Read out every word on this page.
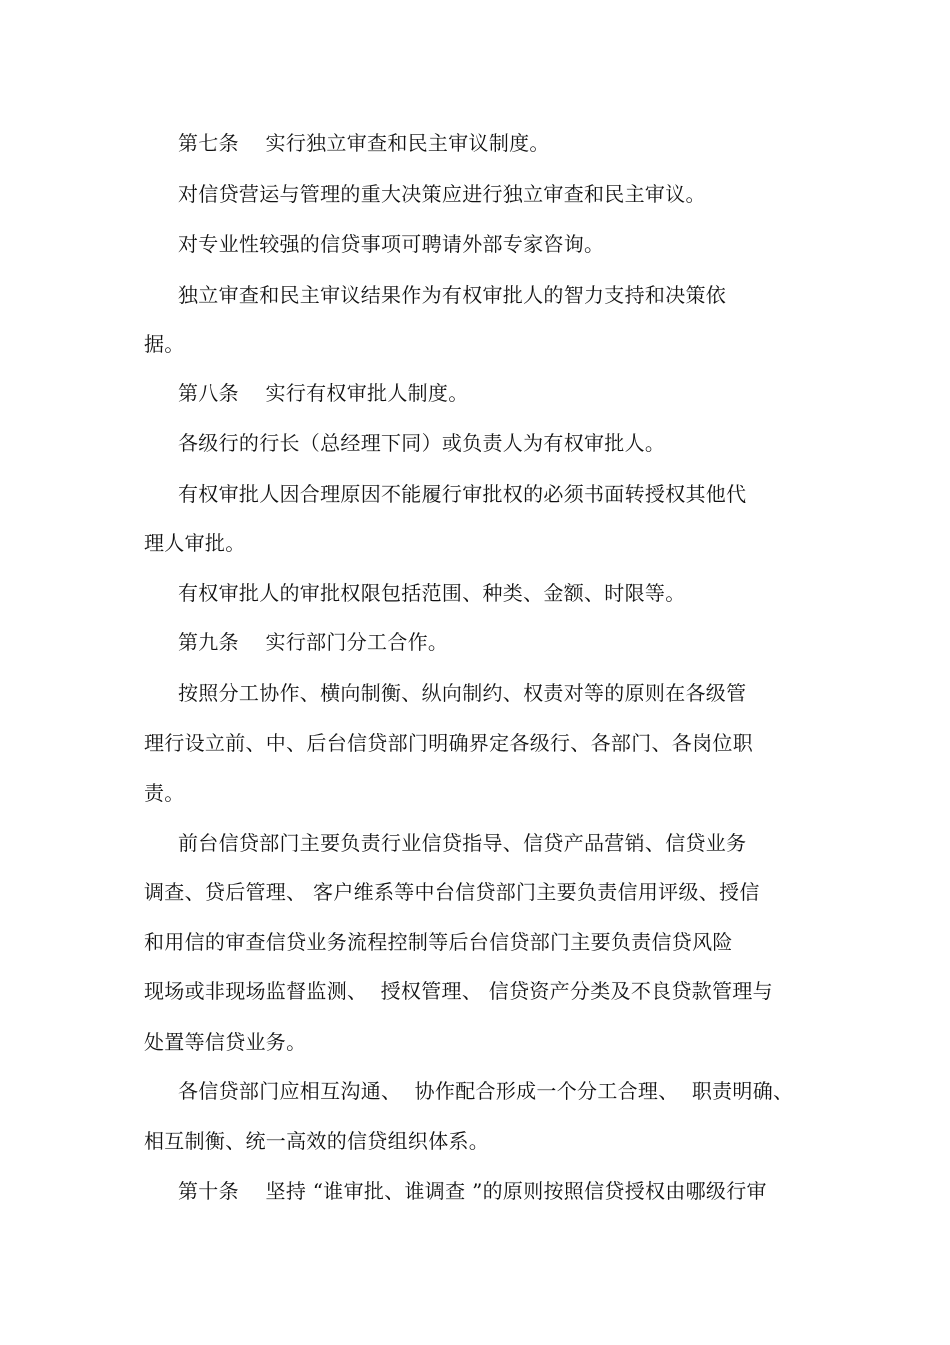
第七条    实行独立审查和民主审议制度。
对信贷营运与管理的重大决策应进行独立审查和民主审议。
对专业性较强的信贷事项可聘请外部专家咨询。
独立审查和民主审议结果作为有权审批人的智力支持和决策依
据。
第八条    实行有权审批人制度。
各级行的行长（总经理下同）或负责人为有权审批人。
有权审批人因合理原因不能履行审批权的必须书面转授权其他代
理人审批。
有权审批人的审批权限包括范围、种类、金额、时限等。
第九条    实行部门分工合作。
按照分工协作、横向制衡、纵向制约、权责对等的原则在各级管
理行设立前、中、后台信贷部门明确界定各级行、各部门、各岗位职
责。
前台信贷部门主要负责行业信贷指导、信贷产品营销、信贷业务
调查、贷后管理、 客户维系等中台信贷部门主要负责信用评级、授信
和用信的审查信贷业务流程控制等后台信贷部门主要负责信贷风险
现场或非现场监督监测、  授权管理、 信贷资产分类及不良贷款管理与
处置等信贷业务。
各信贷部门应相互沟通、  协作配合形成一个分工合理、  职责明确、
相互制衡、统一高效的信贷组织体系。
第十条    坚持 “谁审批、谁调查 ”的原则按照信贷授权由哪级行审
